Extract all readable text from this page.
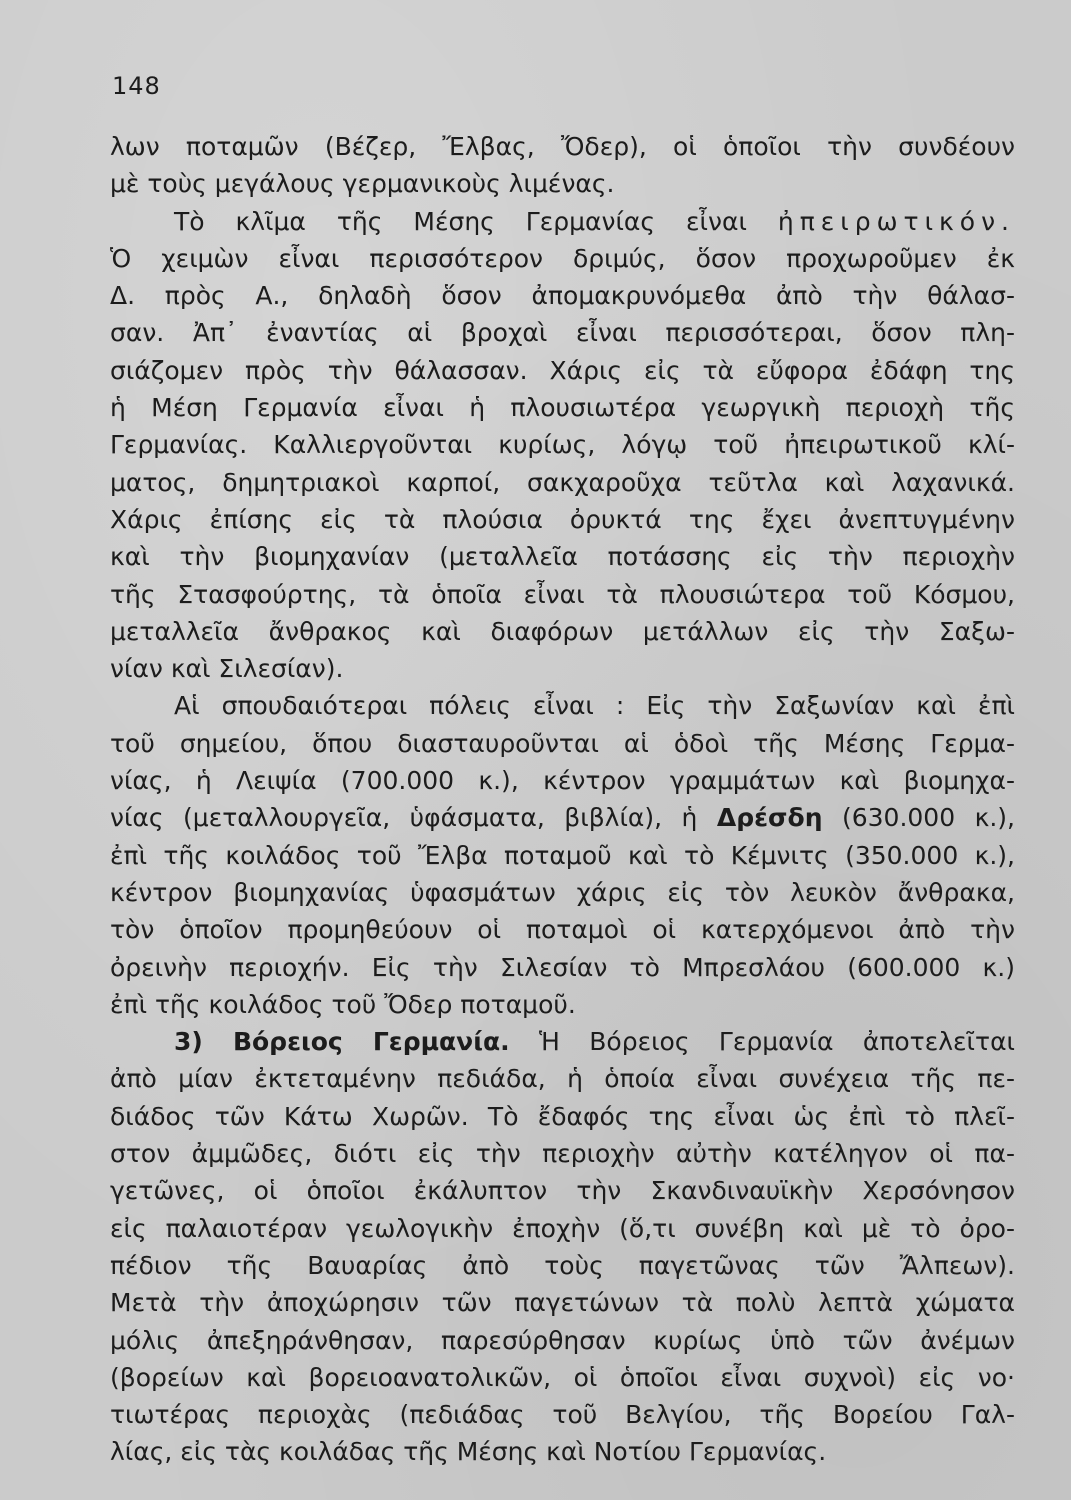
148
λων ποταμῶν (Βέζερ, Ἔλβας, Ὄδερ), οἱ ὁποῖοι τὴν συνδέουν
μὲ τοὺς μεγάλους γερμανικοὺς λιμένας.
Τὸ κλῖμα τῆς Μέσης Γερμανίας εἶναι ἠπειρωτικόν.
Ὁ χειμὼν εἶναι περισσότερον δριμύς, ὅσον προχωροῦμεν ἐκ
Δ. πρὸς Α., δηλαδὴ ὅσον ἀπομακρυνόμεθα ἀπὸ τὴν θάλασ-
σαν. Ἀπ᾽ ἐναντίας αἱ βροχαὶ εἶναι περισσότεραι, ὅσον πλη-
σιάζομεν πρὸς τὴν θάλασσαν. Χάρις εἰς τὰ εὔφορα ἐδάφη της
ἡ Μέση Γερμανία εἶναι ἡ πλουσιωτέρα γεωργικὴ περιοχὴ τῆς
Γερμανίας. Καλλιεργοῦνται κυρίως, λόγῳ τοῦ ἠπειρωτικοῦ κλί-
ματος, δημητριακοὶ καρποί, σακχαροῦχα τεῦτλα καὶ λαχανικά.
Χάρις ἐπίσης εἰς τὰ πλούσια ὀρυκτά της ἔχει ἀνεπτυγμένην
καὶ τὴν βιομηχανίαν (μεταλλεῖα ποτάσσης εἰς τὴν περιοχὴν
τῆς Στασφούρτης, τὰ ὁποῖα εἶναι τὰ πλουσιώτερα τοῦ Κόσμου,
μεταλλεῖα ἄνθρακος καὶ διαφόρων μετάλλων εἰς τὴν Σαξω-
νίαν καὶ Σιλεσίαν).
Αἱ σπουδαιότεραι πόλεις εἶναι : Εἰς τὴν Σαξωνίαν καὶ ἐπὶ
τοῦ σημείου, ὅπου διασταυροῦνται αἱ ὁδοὶ τῆς Μέσης Γερμα-
νίας, ἡ Λειψία (700.000 κ.), κέντρον γραμμάτων καὶ βιομηχα-
νίας (μεταλλουργεῖα, ὑφάσματα, βιβλία), ἡ Δρέσδη (630.000 κ.),
ἐπὶ τῆς κοιλάδος τοῦ Ἔλβα ποταμοῦ καὶ τὸ Κέμνιτς (350.000 κ.),
κέντρον βιομηχανίας ὑφασμάτων χάρις εἰς τὸν λευκὸν ἄνθρακα,
τὸν ὁποῖον προμηθεύουν οἱ ποταμοὶ οἱ κατερχόμενοι ἀπὸ τὴν
ὀρεινὴν περιοχήν. Εἰς τὴν Σιλεσίαν τὸ Μπρεσλάου (600.000 κ.)
ἐπὶ τῆς κοιλάδος τοῦ Ὄδερ ποταμοῦ.
3) Βόρειος Γερμανία. Ἡ Βόρειος Γερμανία ἀποτελεῖται
ἀπὸ μίαν ἐκτεταμένην πεδιάδα, ἡ ὁποία εἶναι συνέχεια τῆς πε-
διάδος τῶν Κάτω Χωρῶν. Τὸ ἔδαφός της εἶναι ὡς ἐπὶ τὸ πλεῖ-
στον ἀμμῶδες, διότι εἰς τὴν περιοχὴν αὐτὴν κατέληγον οἱ πα-
γετῶνες, οἱ ὁποῖοι ἐκάλυπτον τὴν Σκανδιναυϊκὴν Χερσόνησον
εἰς παλαιοτέραν γεωλογικὴν ἐποχὴν (ὅ,τι συνέβη καὶ μὲ τὸ ὀρο-
πέδιον τῆς Βαυαρίας ἀπὸ τοὺς παγετῶνας τῶν Ἄλπεων).
Μετὰ τὴν ἀποχώρησιν τῶν παγετώνων τὰ πολὺ λεπτὰ χώματα
μόλις ἀπεξηράνθησαν, παρεσύρθησαν κυρίως ὑπὸ τῶν ἀνέμων
(βορείων καὶ βορειοανατολικῶν, οἱ ὁποῖοι εἶναι συχνοὶ) εἰς νο·
τιωτέρας περιοχὰς (πεδιάδας τοῦ Βελγίου, τῆς Βορείου Γαλ-
λίας, εἰς τὰς κοιλάδας τῆς Μέσης καὶ Νοτίου Γερμανίας.
